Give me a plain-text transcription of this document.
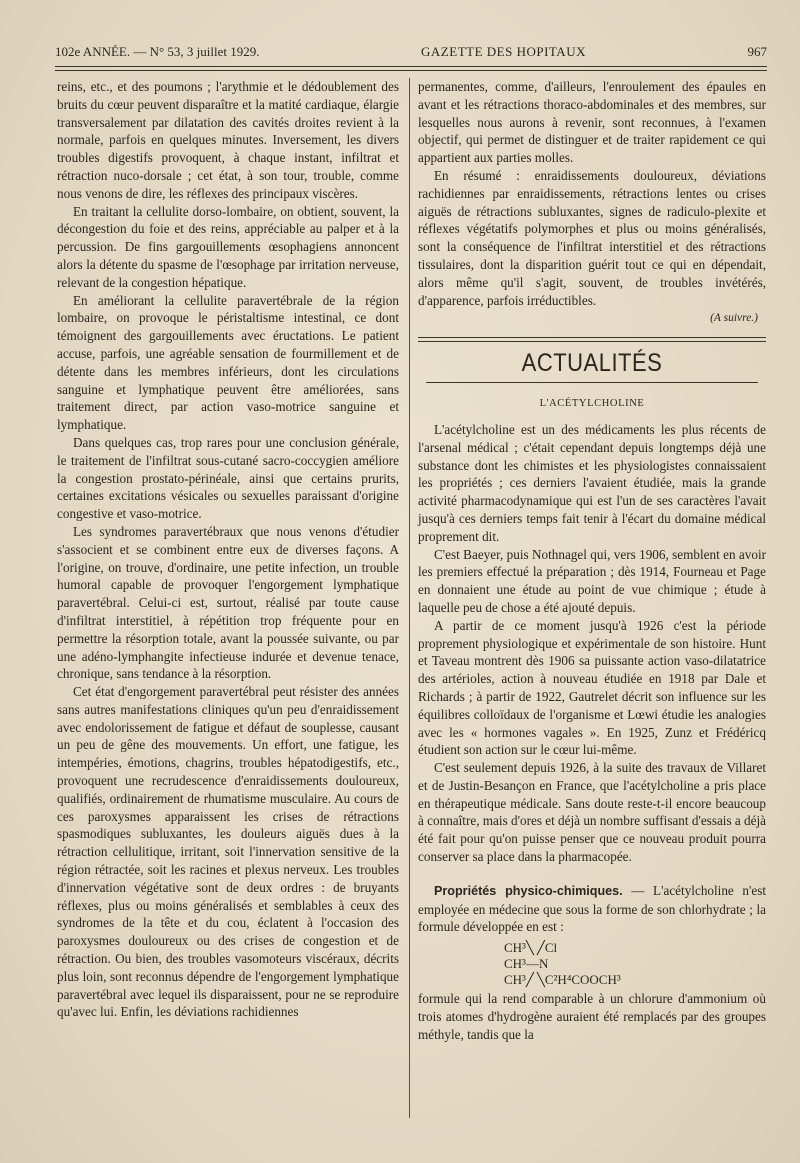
102e ANNÉE. — N° 53, 3 juillet 1929.	GAZETTE DES HOPITAUX	967

reins, etc., et des poumons ; l'arythmie et le dédoublement des bruits du cœur peuvent disparaître et la matité cardiaque, élargie transversalement par dilatation des cavités droites revient à la normale, parfois en quelques minutes. Inversement, les divers troubles digestifs provoquent, à chaque instant, infiltrat et rétraction nuco-dorsale ; cet état, à son tour, trouble, comme nous venons de dire, les réflexes des principaux viscères.

En traitant la cellulite dorso-lombaire, on obtient, souvent, la décongestion du foie et des reins, appréciable au palper et à la percussion. De fins gargouillements œsophagiens annoncent alors la détente du spasme de l'œsophage par irritation nerveuse, relevant de la congestion hépatique.

En améliorant la cellulite paravertébrale de la région lombaire, on provoque le péristaltisme intestinal, ce dont témoignent des gargouillements avec éructations. Le patient accuse, parfois, une agréable sensation de fourmillement et de détente dans les membres inférieurs, dont les circulations sanguine et lymphatique peuvent être améliorées, sans traitement direct, par action vaso-motrice sanguine et lymphatique.

Dans quelques cas, trop rares pour une conclusion générale, le traitement de l'infiltrat sous-cutané sacro-coccygien améliore la congestion prostato-périnéale, ainsi que certains prurits, certaines excitations vésicales ou sexuelles paraissant d'origine congestive et vaso-motrice.

Les syndromes paravertébraux que nous venons d'étudier s'associent et se combinent entre eux de diverses façons. A l'origine, on trouve, d'ordinaire, une petite infection, un trouble humoral capable de provoquer l'engorgement lymphatique paravertébral. Celui-ci est, surtout, réalisé par toute cause d'infiltrat interstitiel, à répétition trop fréquente pour en permettre la résorption totale, avant la poussée suivante, ou par une adéno-lymphangite infectieuse indurée et devenue tenace, chronique, sans tendance à la résorption.

Cet état d'engorgement paravertébral peut résister des années sans autres manifestations cliniques qu'un peu d'enraidissement avec endolorissement de fatigue et défaut de souplesse, causant un peu de gêne des mouvements. Un effort, une fatigue, les intempéries, émotions, chagrins, troubles hépatodigestifs, etc., provoquent une recrudescence d'enraidissements douloureux, qualifiés, ordinairement de rhumatisme musculaire. Au cours de ces paroxysmes apparaissent les crises de rétractions spasmodiques subluxantes, les douleurs aiguës dues à la rétraction cellulitique, irritant, soit l'innervation sensitive de la région rétractée, soit les racines et plexus nerveux. Les troubles d'innervation végétative sont de deux ordres : de bruyants réflexes, plus ou moins généralisés et semblables à ceux des syndromes de la tête et du cou, éclatent à l'occasion des paroxysmes douloureux ou des crises de congestion et de rétraction. Ou bien, des troubles vasomoteurs viscéraux, décrits plus loin, sont reconnus dépendre de l'engorgement lymphatique paravertébral avec lequel ils disparaissent, pour ne se reproduire qu'avec lui. Enfin, les déviations rachidiennes

permanentes, comme, d'ailleurs, l'enroulement des épaules en avant et les rétractions thoraco-abdominales et des membres, sur lesquelles nous aurons à revenir, sont reconnues, à l'examen objectif, qui permet de distinguer et de traiter rapidement ce qui appartient aux parties molles.

En résumé : enraidissements douloureux, déviations rachidiennes par enraidissements, rétractions lentes ou crises aiguës de rétractions subluxantes, signes de radiculo-plexite et réflexes végétatifs polymorphes et plus ou moins généralisés, sont la conséquence de l'infiltrat interstitiel et des rétractions tissulaires, dont la disparition guérit tout ce qui en dépendait, alors même qu'il s'agit, souvent, de troubles invétérés, d'apparence, parfois irréductibles.

(A suivre.)
ACTUALITÉS
L'ACÉTYLCHOLINE

L'acétylcholine est un des médicaments les plus récents de l'arsenal médical ; c'était cependant depuis longtemps déjà une substance dont les chimistes et les physiologistes connaissaient les propriétés ; ces derniers l'avaient étudiée, mais la grande activité pharmacodynamique qui est l'un de ses caractères l'avait jusqu'à ces derniers temps fait tenir à l'écart du domaine médical proprement dit.

C'est Baeyer, puis Nothnagel qui, vers 1906, semblent en avoir les premiers effectué la préparation ; dès 1914, Fourneau et Page en donnaient une étude au point de vue chimique ; étude à laquelle peu de chose a été ajouté depuis.

A partir de ce moment jusqu'à 1926 c'est la période proprement physiologique et expérimentale de son histoire. Hunt et Taveau montrent dès 1906 sa puissante action vaso-dilatatrice des artérioles, action à nouveau étudiée en 1918 par Dale et Richards ; à partir de 1922, Gautrelet décrit son influence sur les équilibres colloïdaux de l'organisme et Lœwi étudie les analogies avec les « hormones vagales ». En 1925, Zunz et Frédéricq étudient son action sur le cœur lui-même.

C'est seulement depuis 1926, à la suite des travaux de Villaret et de Justin-Besançon en France, que l'acétylcholine a pris place en thérapeutique médicale. Sans doute reste-t-il encore beaucoup à connaître, mais d'ores et déjà un nombre suffisant d'essais a déjà été fait pour qu'on puisse penser que ce nouveau produit pourra conserver sa place dans la pharmacopée.

Propriétés physico-chimiques. — L'acétylcholine n'est employée en médecine que sous la forme de son chlorhydrate ; la formule développée en est :

CH³╲ ╱Cl
CH³—N
CH³╱ ╲C²H⁴COOCH³

formule qui la rend comparable à un chlorure d'ammonium où trois atomes d'hydrogène auraient été remplacés par des groupes méthyle, tandis que la
